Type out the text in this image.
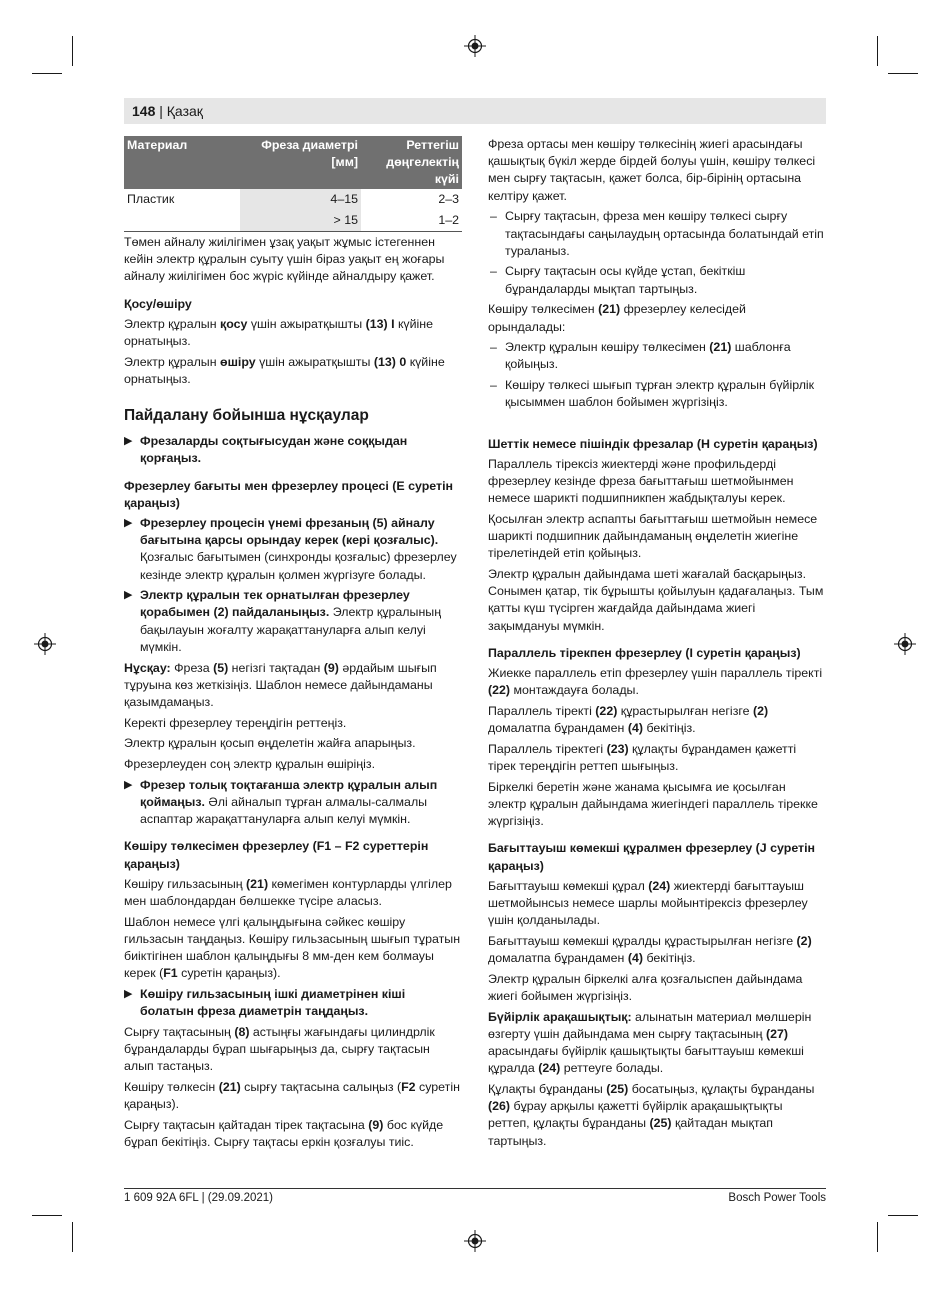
148 | Қазақ
Материал	Фреза диаметрі [мм]	Реттегіш дөңгелектің күйі
Пластик	4–15	2–3
	> 15	1–2

Төмен айналу жиілігімен ұзақ уақыт жұмыс істегеннен кейін электр құралын суыту үшін біраз уақыт ең жоғары айналу жиілігімен бос жүріс күйінде айналдыру қажет.

Қосу/өшіру

Электр құралын қосу үшін ажыратқышты (13) I күйіне орнатыңыз.

Электр құралын өшіру үшін ажыратқышты (13) 0 күйіне орнатыңыз.

Пайдалану бойынша нұсқаулар
▶ Фрезаларды соқтығысудан және соққыдан қорғаңыз.
Фрезерлеу бағыты мен фрезерлеу процесі (E суретін қараңыз)
▶ Фрезерлеу процесін үнемі фрезаның (5) айналу бағытына қарсы орындау керек (кері қозғалыс). Қозғалыс бағытымен (синхронды қозғалыс) фрезерлеу кезінде электр құралын қолмен жүргізуге болады.
▶ Электр құралын тек орнатылған фрезерлеу қорабымен (2) пайдаланыңыз. Электр құралының бақылауын жоғалту жарақаттануларға алып келуі мүмкін.

Нұсқау: Фреза (5) негізгі тақтадан (9) әрдайым шығып тұруына көз жеткізіңіз. Шаблон немесе дайындаманы қазымдамаңыз.

Керекті фрезерлеу тереңдігін реттеңіз.

Электр құралын қосып өңделетін жайға апарыңыз.

Фрезерлеуден соң электр құралын өшіріңіз.

▶ Фрезер толық тоқтағанша электр құралын алып қоймаңыз. Әлі айналып тұрған алмалы-салмалы аспаптар жарақаттануларға алып келуі мүмкін.
Көшіру төлкесімен фрезерлеу (F1 – F2 суреттерін қараңыз)

Көшіру гильзасының (21) көмегімен контурларды үлгілер мен шаблондардан бөлшекке түсіре аласыз.

Шаблон немесе үлгі қалыңдығына сәйкес көшіру гильзасын таңдаңыз. Көшіру гильзасының шығып тұратын биіктігінен шаблон қалыңдығы 8 мм-ден кем болмауы керек (F1 суретін қараңыз).

▶ Көшіру гильзасының ішкі диаметрінен кіші болатын фреза диаметрін таңдаңыз.

Сырғу тақтасының (8) астыңғы жағындағы цилиндрлік бұрандаларды бұрап шығарыңыз да, сырғу тақтасын алып тастаңыз.

Көшіру төлкесін (21) сырғу тақтасына салыңыз (F2 суретін қараңыз).

Сырғу тақтасын қайтадан тірек тақтасына (9) бос күйде бұрап бекітіңіз. Сырғу тақтасы еркін қозғалуы тиіс.

Фреза ортасы мен көшіру төлкесінің жиегі арасындағы қашықтық бүкіл жерде бірдей болуы үшін, көшіру төлкесі мен сырғу тақтасын, қажет болса, бір-бірінің ортасына келтіру қажет.

– Сырғу тақтасын, фреза мен көшіру төлкесі сырғу тақтасындағы саңылаудың ортасында болатындай етіп тураланыз.
– Сырғу тақтасын осы күйде ұстап, бекіткіш бұрандаларды мықтап тартыңыз.

Көшіру төлкесімен (21) фрезерлеу келесідей орындалады:

– Электр құралын көшіру төлкесімен (21) шаблонға қойыңыз.
– Көшіру төлкесі шығып тұрған электр құралын бүйірлік қысыммен шаблон бойымен жүргізіңіз.
Шеттік немесе пішіндік фрезалар (H суретін қараңыз)

Параллель тірексіз жиектерді және профильдерді фрезерлеу кезінде фреза бағыттағыш шетмойынмен немесе шарикті подшипникпен жабдықталуы керек.

Қосылған электр аспапты бағыттағыш шетмойын немесе шарикті подшипник дайындаманың өңделетін жиегіне тірелетіндей етіп қойыңыз.

Электр құралын дайындама шеті жағалай басқарыңыз. Сонымен қатар, тік бұрышты қойылуын қадағалаңыз. Тым қатты күш түсірген жағдайда дайындама жиегі зақымдануы мүмкін.

Параллель тірекпен фрезерлеу (I суретін қараңыз)

Жиекке параллель етіп фрезерлеу үшін параллель тіректі (22) монтаждауға болады.

Параллель тіректі (22) құрастырылған негізге (2) домалатпа бұрандамен (4) бекітіңіз.

Параллель тіректегі (23) құлақты бұрандамен қажетті тірек тереңдігін реттеп шығыңыз.

Біркелкі беретін және жанама қысымға ие қосылған электр құралын дайындама жиегіндегі параллель тірекке жүргізіңіз.

Бағыттауыш көмекші құралмен фрезерлеу (J суретін қараңыз)

Бағыттауыш көмекші құрал (24) жиектерді бағыттауыш шетмойынсыз немесе шарлы мойынтірексіз фрезерлеу үшін қолданылады.

Бағыттауыш көмекші құралды құрастырылған негізге (2) домалатпа бұрандамен (4) бекітіңіз.

Электр құралын біркелкі алға қозғалыспен дайындама жиегі бойымен жүргізіңіз.

Бүйірлік арақашықтық: алынатын материал мөлшерін өзгерту үшін дайындама мен сырғу тақтасының (27) арасындағы бүйірлік қашықтықты бағыттауыш көмекші құралда (24) реттеуге болады.

Құлақты бұранданы (25) босатыңыз, құлақты бұранданы (26) бұрау арқылы қажетті бүйірлік арақашықтықты реттеп, құлақты бұранданы (25) қайтадан мықтап тартыңыз.

1 609 92A 6FL | (29.09.2021)	Bosch Power Tools
